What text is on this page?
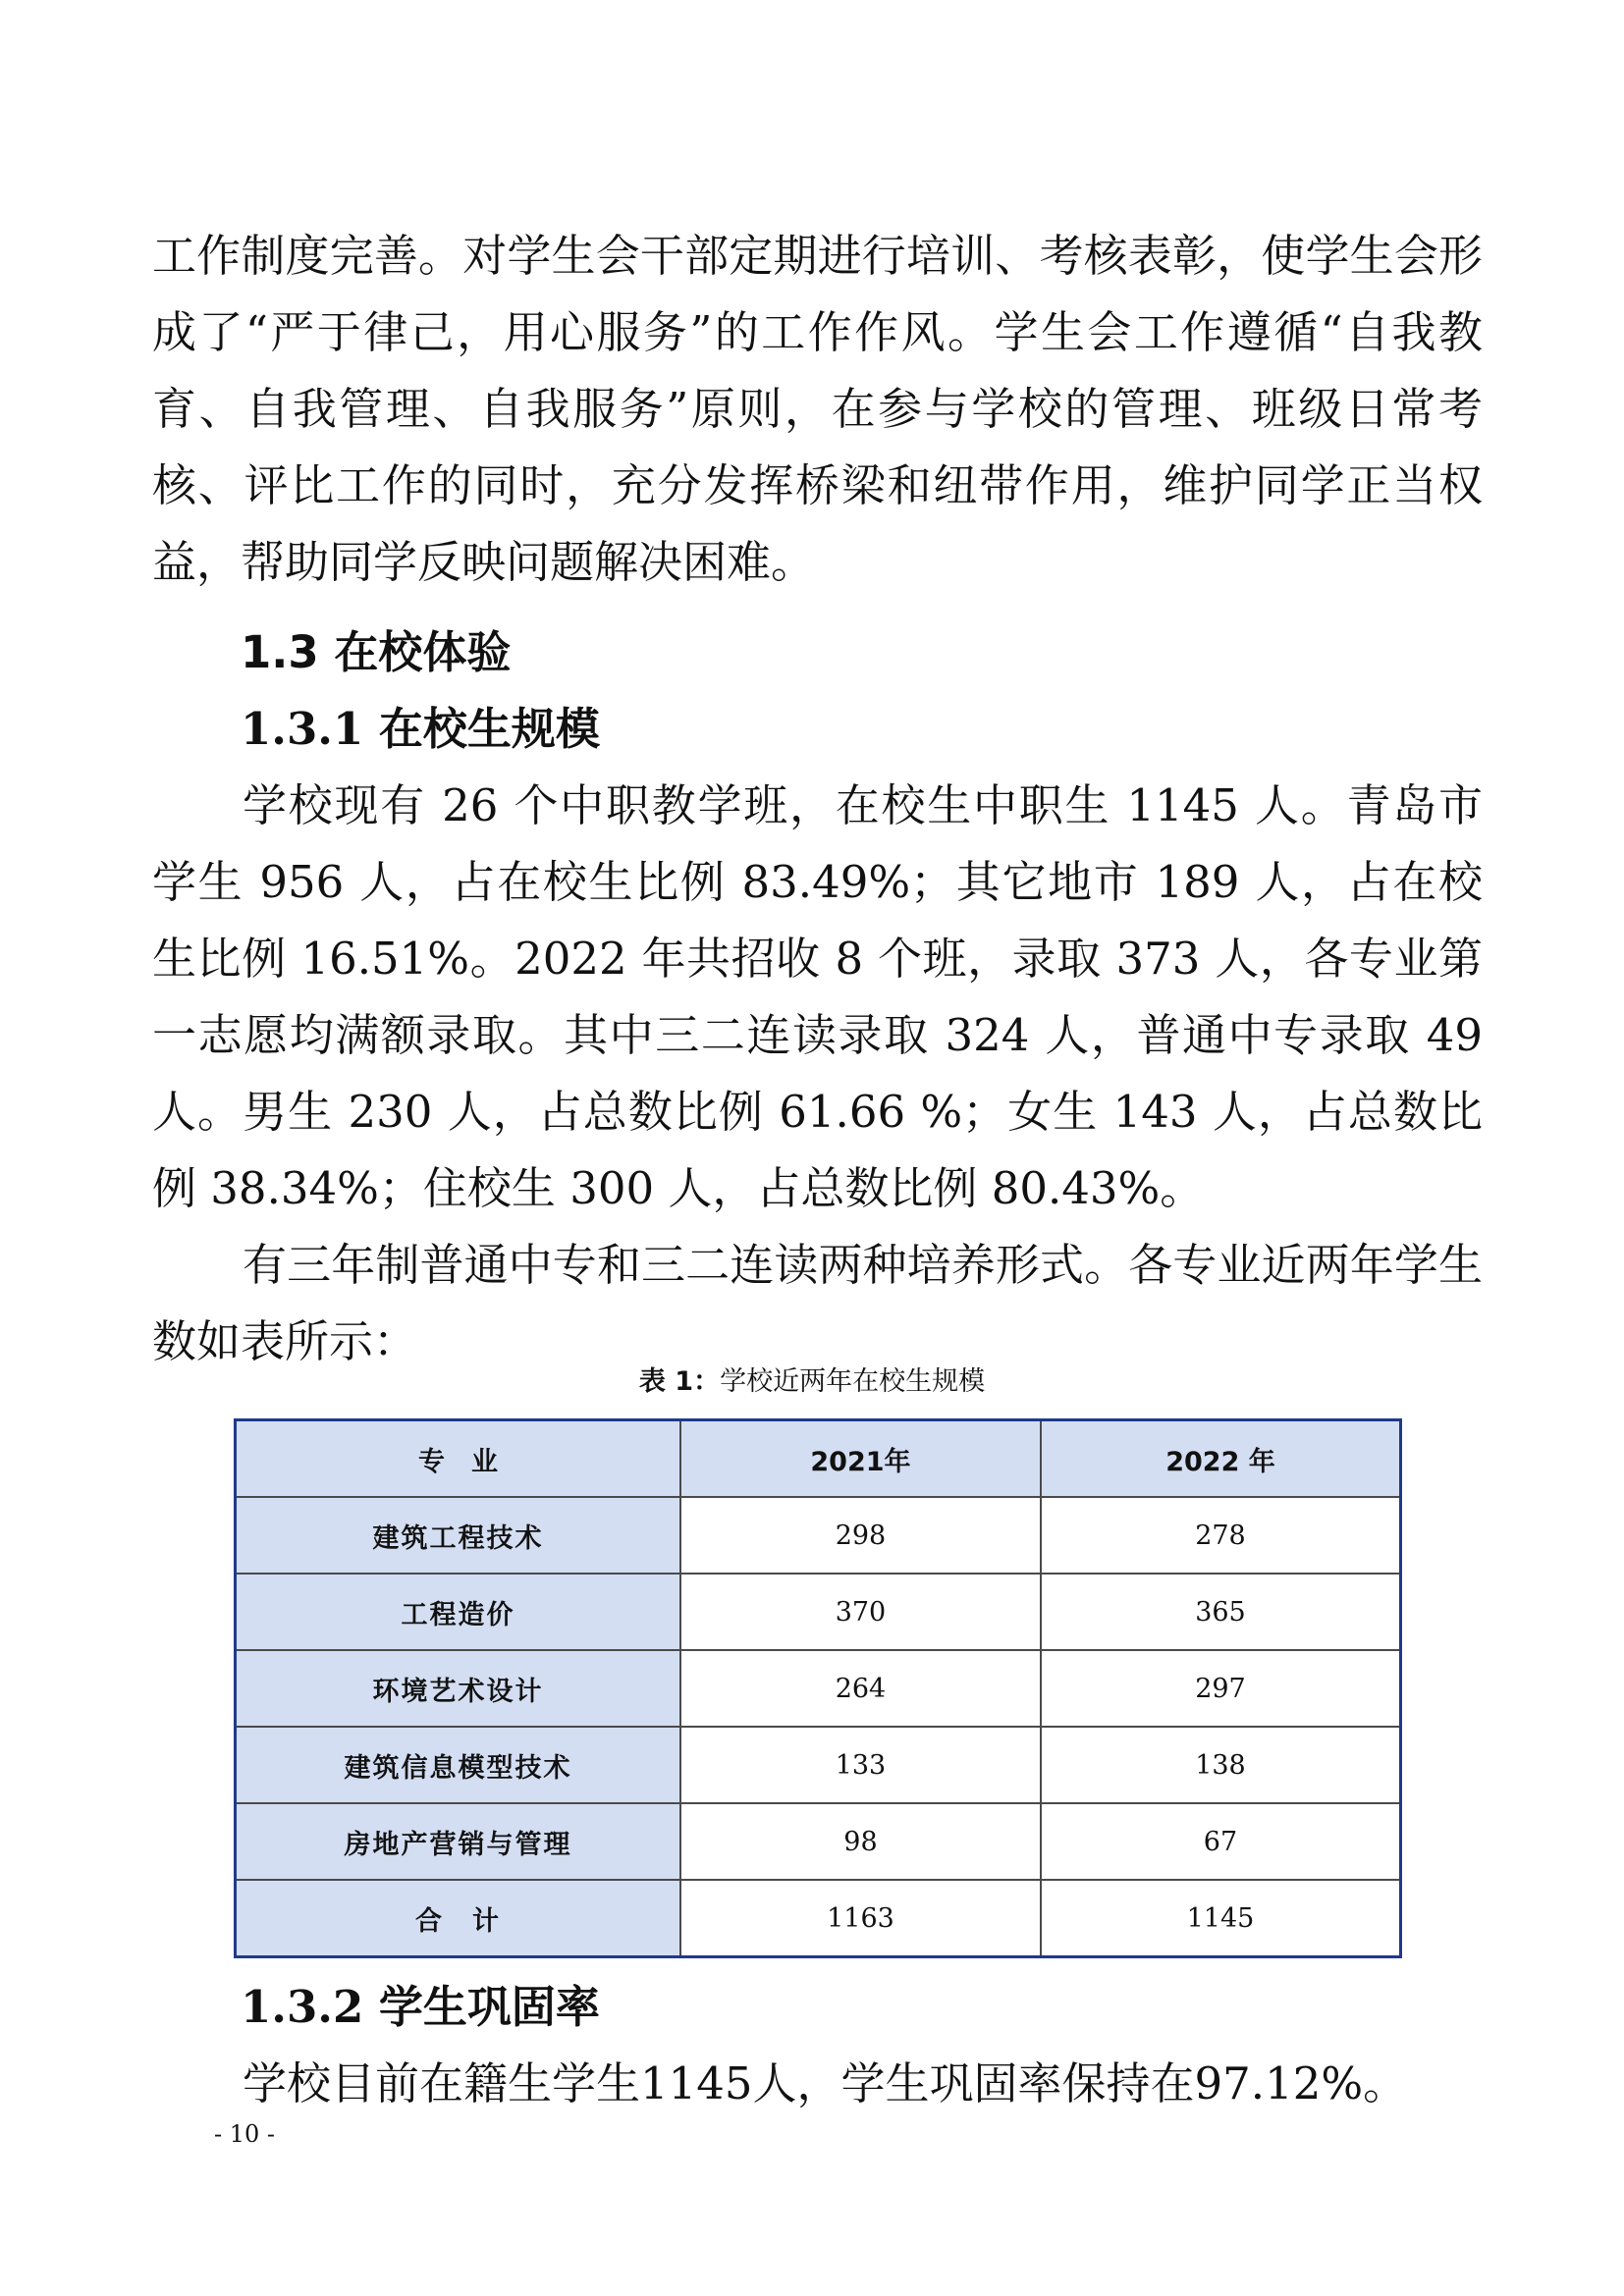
工作制度完善。对学生会干部定期进行培训、考核表彰，使学生会形成了“严于律己，用心服务”的工作作风。学生会工作遵循“自我教育、自我管理、自我服务”原则，在参与学校的管理、班级日常考核、评比工作的同时，充分发挥桥梁和纽带作用，维护同学正当权益，帮助同学反映问题解决困难。

1.3 在校体验
1.3.1 在校生规模

学校现有 26 个中职教学班，在校生中职生 1145 人。青岛市学生 956 人，占在校生比例 83.49%；其它地市 189 人，占在校生比例 16.51%。2022 年共招收 8 个班，录取 373 人，各专业第一志愿均满额录取。其中三二连读录取 324 人，普通中专录取 49 人。男生 230 人，占总数比例 61.66 %；女生 143 人，占总数比例 38.34%；住校生 300 人，占总数比例 80.43%。

有三年制普通中专和三二连读两种培养形式。各专业近两年学生数如表所示：

表 1：学校近两年在校生规模

专　业	2021年	2022 年
建筑工程技术	298	278
工程造价	370	365
环境艺术设计	264	297
建筑信息模型技术	133	138
房地产营销与管理	98	67
合　计	1163	1145
1.3.2 学生巩固率

学校目前在籍生学生1145人，学生巩固率保持在97.12%。

- 10 -
